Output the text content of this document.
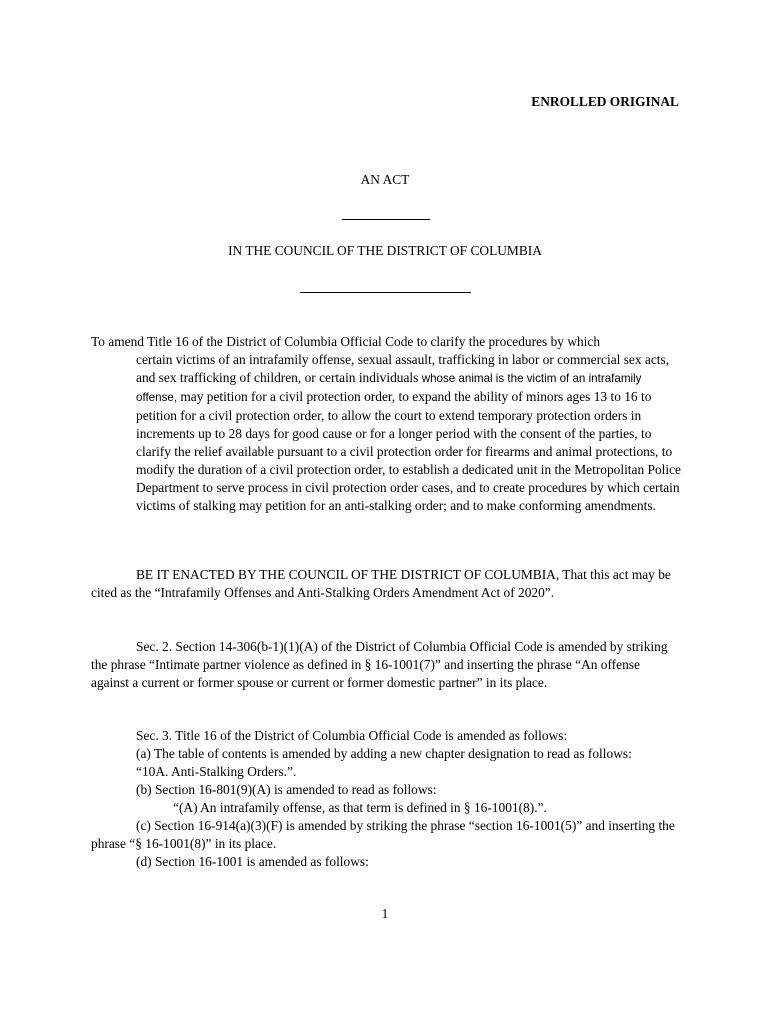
ENROLLED ORIGINAL
AN ACT
IN THE COUNCIL OF THE DISTRICT OF COLUMBIA
To amend Title 16 of the District of Columbia Official Code to clarify the procedures by which
certain victims of an intrafamily offense, sexual assault, trafficking in labor or commercial sex acts, and sex trafficking of children, or certain individuals whose animal is the victim of an intrafamily offense, may petition for a civil protection order, to expand the ability of minors ages 13 to 16 to petition for a civil protection order, to allow the court to extend temporary protection orders in increments up to 28 days for good cause or for a longer period with the consent of the parties, to clarify the relief available pursuant to a civil protection order for firearms and animal protections, to modify the duration of a civil protection order, to establish a dedicated unit in the Metropolitan Police Department to serve process in civil protection order cases, and to create procedures by which certain victims of stalking may petition for an anti-stalking order; and to make conforming amendments.
BE IT ENACTED BY THE COUNCIL OF THE DISTRICT OF COLUMBIA, That this act may be cited as the “Intrafamily Offenses and Anti-Stalking Orders Amendment Act of 2020”.
Sec. 2. Section 14-306(b-1)(1)(A) of the District of Columbia Official Code is amended by striking the phrase “Intimate partner violence as defined in § 16-1001(7)” and inserting the phrase “An offense against a current or former spouse or current or former domestic partner” in its place.
Sec. 3. Title 16 of the District of Columbia Official Code is amended as follows:
(a) The table of contents is amended by adding a new chapter designation to read as follows:
“10A. Anti-Stalking Orders.”.
(b) Section 16-801(9)(A) is amended to read as follows:
“(A) An intrafamily offense, as that term is defined in § 16-1001(8).”.
(c) Section 16-914(a)(3)(F) is amended by striking the phrase “section 16-1001(5)” and inserting the phrase “§ 16-1001(8)” in its place.
(d) Section 16-1001 is amended as follows:
1
